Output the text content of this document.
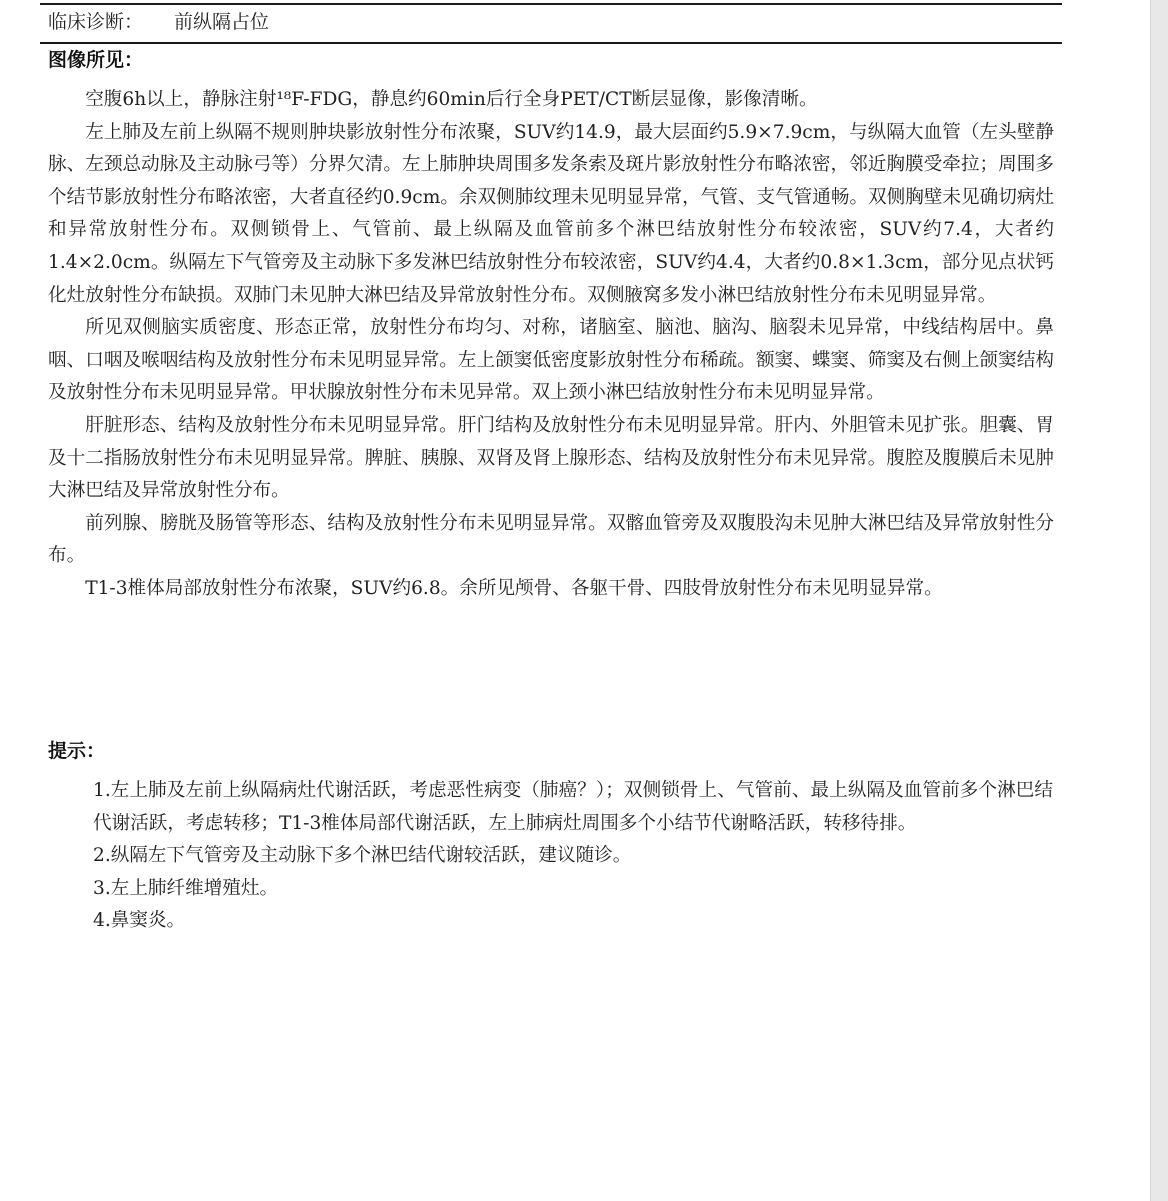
临床诊断： 前纵隔占位
图像所见：

空腹6h以上，静脉注射¹⁸F-FDG，静息约60min后行全身PET/CT断层显像，影像清晰。

左上肺及左前上纵隔不规则肿块影放射性分布浓聚，SUV约14.9，最大层面约5.9×7.9cm，与纵隔大血管（左头壁静脉、左颈总动脉及主动脉弓等）分界欠清。左上肺肿块周围多发条索及斑片影放射性分布略浓密，邻近胸膜受牵拉；周围多个结节影放射性分布略浓密，大者直径约0.9cm。余双侧肺纹理未见明显异常，气管、支气管通畅。双侧胸壁未见确切病灶和异常放射性分布。双侧锁骨上、气管前、最上纵隔及血管前多个淋巴结放射性分布较浓密，SUV约7.4，大者约1.4×2.0cm。纵隔左下气管旁及主动脉下多发淋巴结放射性分布较浓密，SUV约4.4，大者约0.8×1.3cm，部分见点状钙化灶放射性分布缺损。双肺门未见肿大淋巴结及异常放射性分布。双侧腋窝多发小淋巴结放射性分布未见明显异常。

所见双侧脑实质密度、形态正常，放射性分布均匀、对称，诸脑室、脑池、脑沟、脑裂未见异常，中线结构居中。鼻咽、口咽及喉咽结构及放射性分布未见明显异常。左上颌窦低密度影放射性分布稀疏。额窦、蝶窦、筛窦及右侧上颌窦结构及放射性分布未见明显异常。甲状腺放射性分布未见异常。双上颈小淋巴结放射性分布未见明显异常。

肝脏形态、结构及放射性分布未见明显异常。肝门结构及放射性分布未见明显异常。肝内、外胆管未见扩张。胆囊、胃及十二指肠放射性分布未见明显异常。脾脏、胰腺、双肾及肾上腺形态、结构及放射性分布未见异常。腹腔及腹膜后未见肿大淋巴结及异常放射性分布。

前列腺、膀胱及肠管等形态、结构及放射性分布未见明显异常。双髂血管旁及双腹股沟未见肿大淋巴结及异常放射性分布。

T1-3椎体局部放射性分布浓聚，SUV约6.8。余所见颅骨、各躯干骨、四肢骨放射性分布未见明显异常。

提示：

1.左上肺及左前上纵隔病灶代谢活跃，考虑恶性病变（肺癌？）；双侧锁骨上、气管前、最上纵隔及血管前多个淋巴结代谢活跃，考虑转移；T1-3椎体局部代谢活跃，左上肺病灶周围多个小结节代谢略活跃，转移待排。

2.纵隔左下气管旁及主动脉下多个淋巴结代谢较活跃，建议随诊。

3.左上肺纤维增殖灶。

4.鼻窦炎。
